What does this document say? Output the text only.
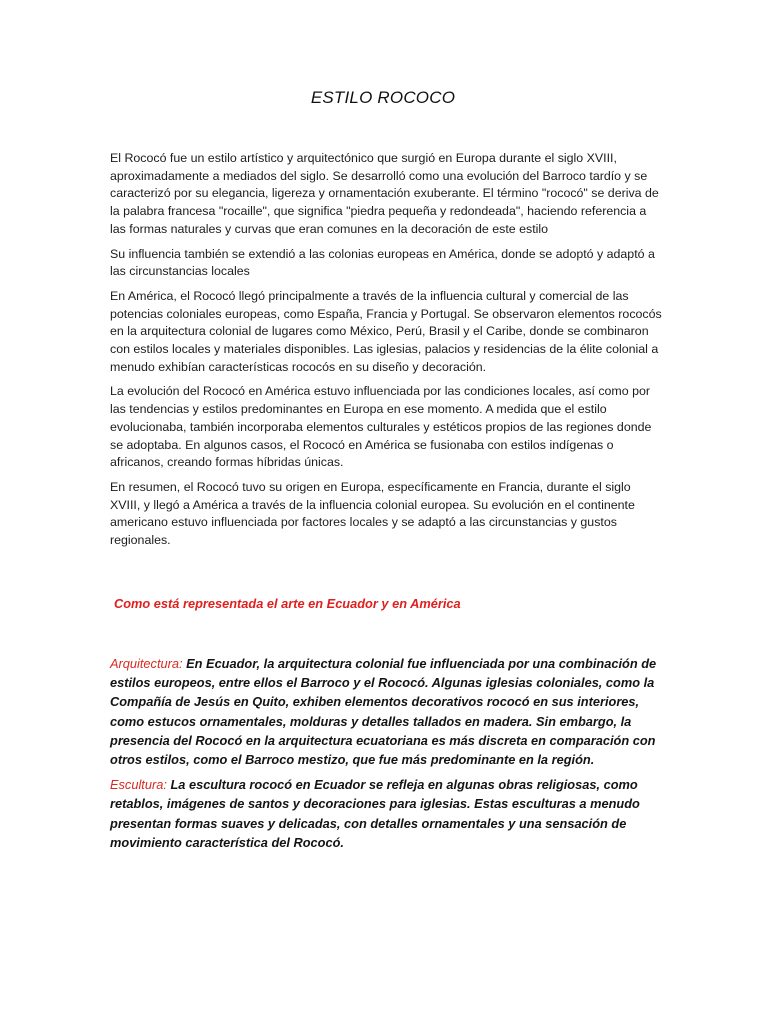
ESTILO ROCOCO

El Rococó fue un estilo artístico y arquitectónico que surgió en Europa durante el siglo XVIII, aproximadamente a mediados del siglo. Se desarrolló como una evolución del Barroco tardío y se caracterizó por su elegancia, ligereza y ornamentación exuberante. El término "rococó" se deriva de la palabra francesa "rocaille", que significa "piedra pequeña y redondeada", haciendo referencia a las formas naturales y curvas que eran comunes en la decoración de este estilo

Su influencia también se extendió a las colonias europeas en América, donde se adoptó y adaptó a las circunstancias locales

En América, el Rococó llegó principalmente a través de la influencia cultural y comercial de las potencias coloniales europeas, como España, Francia y Portugal. Se observaron elementos rococós en la arquitectura colonial de lugares como México, Perú, Brasil y el Caribe, donde se combinaron con estilos locales y materiales disponibles. Las iglesias, palacios y residencias de la élite colonial a menudo exhibían características rococós en su diseño y decoración.

La evolución del Rococó en América estuvo influenciada por las condiciones locales, así como por las tendencias y estilos predominantes en Europa en ese momento. A medida que el estilo evolucionaba, también incorporaba elementos culturales y estéticos propios de las regiones donde se adoptaba. En algunos casos, el Rococó en América se fusionaba con estilos indígenas o africanos, creando formas híbridas únicas.

En resumen, el Rococó tuvo su origen en Europa, específicamente en Francia, durante el siglo XVIII, y llegó a América a través de la influencia colonial europea. Su evolución en el continente americano estuvo influenciada por factores locales y se adaptó a las circunstancias y gustos regionales.

Como está representada el arte en Ecuador y en América

Arquitectura: En Ecuador, la arquitectura colonial fue influenciada por una combinación de estilos europeos, entre ellos el Barroco y el Rococó. Algunas iglesias coloniales, como la Compañía de Jesús en Quito, exhiben elementos decorativos rococó en sus interiores, como estucos ornamentales, molduras y detalles tallados en madera. Sin embargo, la presencia del Rococó en la arquitectura ecuatoriana es más discreta en comparación con otros estilos, como el Barroco mestizo, que fue más predominante en la región.

Escultura: La escultura rococó en Ecuador se refleja en algunas obras religiosas, como retablos, imágenes de santos y decoraciones para iglesias. Estas esculturas a menudo presentan formas suaves y delicadas, con detalles ornamentales y una sensación de movimiento característica del Rococó.
